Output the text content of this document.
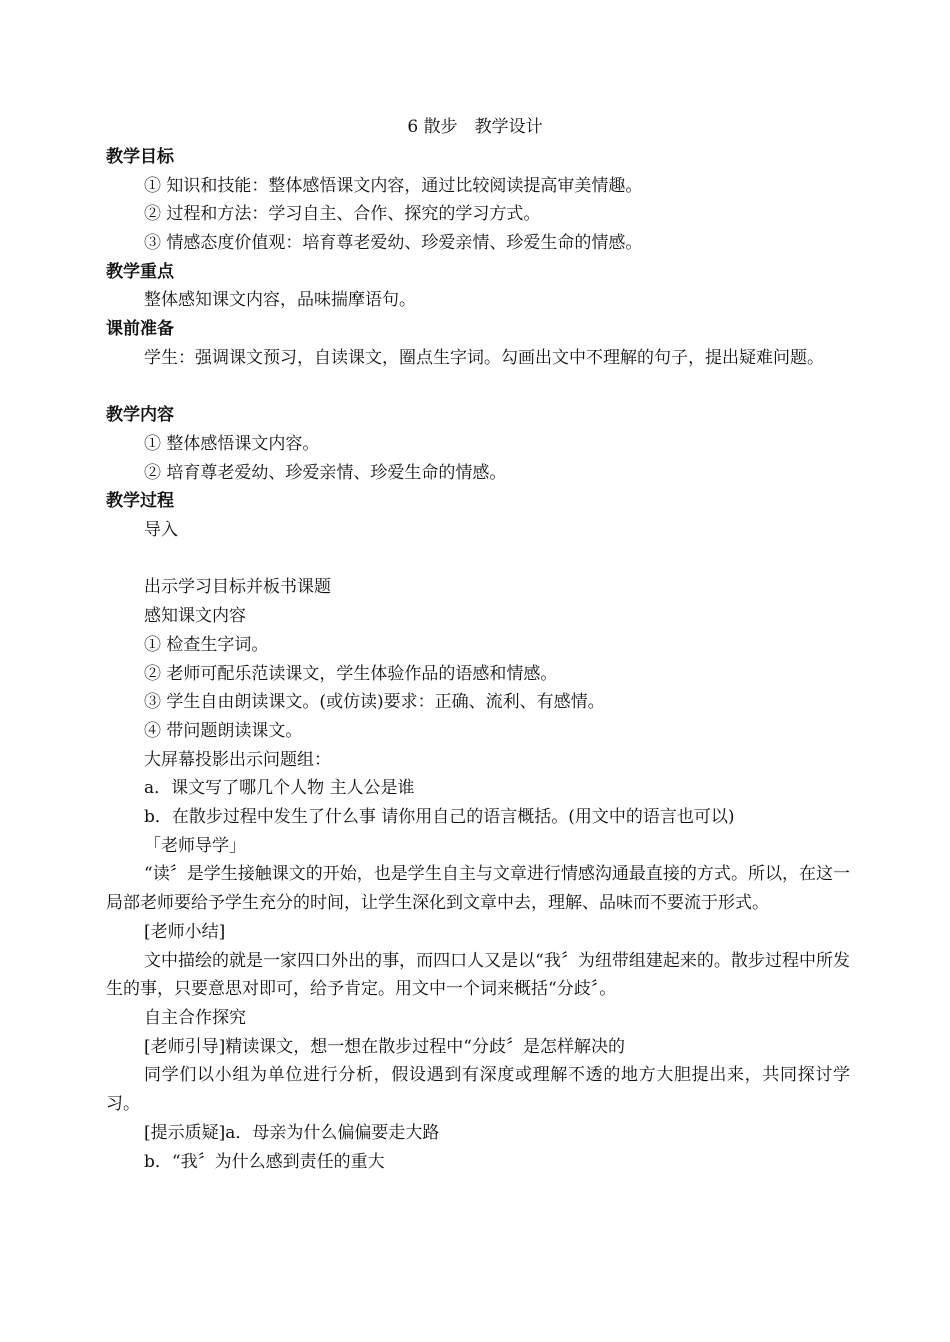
6 散步　教学设计
教学目标
① 知识和技能：整体感悟课文内容，通过比较阅读提高审美情趣。
② 过程和方法：学习自主、合作、探究的学习方式。
③ 情感态度价值观：培育尊老爱幼、珍爱亲情、珍爱生命的情感。
教学重点
整体感知课文内容，品味揣摩语句。
课前准备
学生：强调课文预习，自读课文，圈点生字词。勾画出文中不理解的句子，提出疑难问题。
教学内容
① 整体感悟课文内容。
② 培育尊老爱幼、珍爱亲情、珍爱生命的情感。
教学过程
导入
出示学习目标并板书课题
感知课文内容
① 检查生字词。
② 老师可配乐范读课文，学生体验作品的语感和情感。
③ 学生自由朗读课文。(或仿读)要求：正确、流利、有感情。
④ 带问题朗读课文。
大屏幕投影出示问题组：
a．课文写了哪几个人物 主人公是谁
b．在散步过程中发生了什么事 请你用自己的语言概括。(用文中的语言也可以)
「老师导学」
“读〞是学生接触课文的开始，也是学生自主与文章进行情感沟通最直接的方式。所以，在这一局部老师要给予学生充分的时间，让学生深化到文章中去，理解、品味而不要流于形式。
[老师小结]
文中描绘的就是一家四口外出的事，而四口人又是以“我〞为纽带组建起来的。散步过程中所发生的事，只要意思对即可，给予肯定。用文中一个词来概括“分歧〞。
自主合作探究
[老师引导]精读课文，想一想在散步过程中“分歧〞是怎样解决的
同学们以小组为单位进行分析，假设遇到有深度或理解不透的地方大胆提出来，共同探讨学习。
[提示质疑]a．母亲为什么偏偏要走大路
b．“我〞为什么感到责任的重大
